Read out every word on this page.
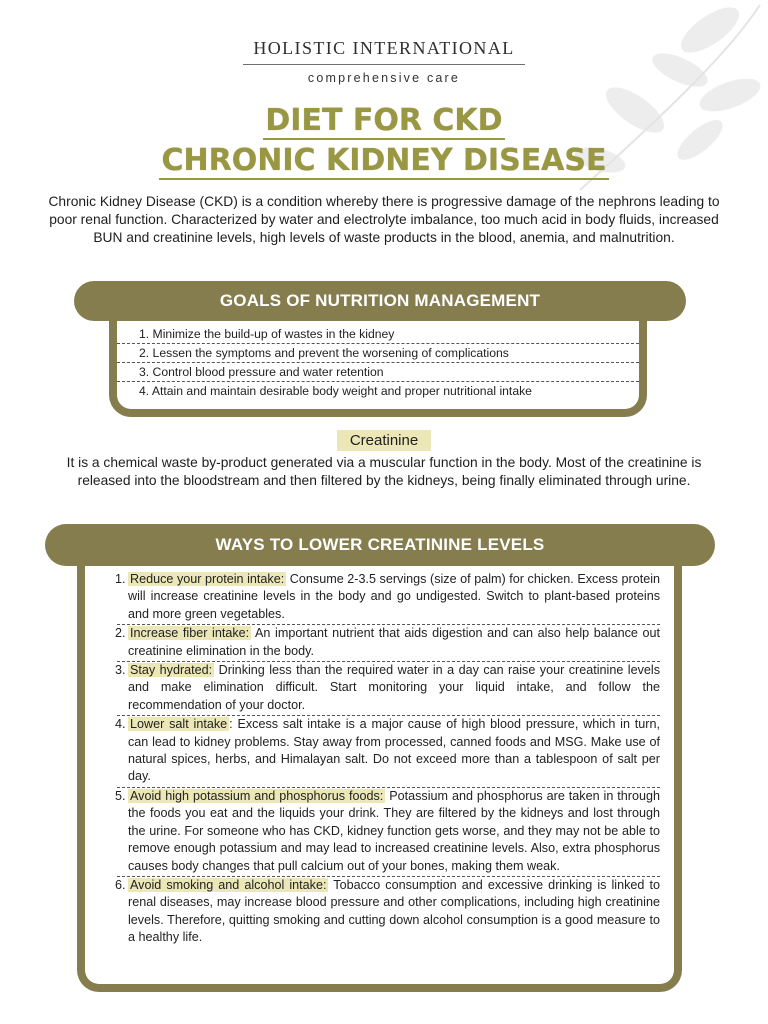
HOLISTIC INTERNATIONAL
comprehensive care
DIET FOR CKD
CHRONIC KIDNEY DISEASE
Chronic Kidney Disease (CKD) is a condition whereby there is progressive damage of the nephrons leading to poor renal function. Characterized by water and electrolyte imbalance, too much acid in body fluids, increased BUN and creatinine levels, high levels of waste products in the blood, anemia, and malnutrition.
GOALS OF NUTRITION MANAGEMENT
1. Minimize the build-up of wastes in the kidney
2. Lessen the symptoms and prevent the worsening of complications
3. Control blood pressure and water retention
4. Attain and maintain desirable body weight and proper nutritional intake
Creatinine
It is a chemical waste by-product generated via a muscular function in the body. Most of the creatinine is released into the bloodstream and then filtered by the kidneys, being finally eliminated through urine.
WAYS TO LOWER CREATININE LEVELS
1. Reduce your protein intake: Consume 2-3.5 servings (size of palm) for chicken. Excess protein will increase creatinine levels in the body and go undigested. Switch to plant-based proteins and more green vegetables.
2. Increase fiber intake: An important nutrient that aids digestion and can also help balance out creatinine elimination in the body.
3. Stay hydrated: Drinking less than the required water in a day can raise your creatinine levels and make elimination difficult. Start monitoring your liquid intake, and follow the recommendation of your doctor.
4. Lower salt intake : Excess salt intake is a major cause of high blood pressure, which in turn, can lead to kidney problems. Stay away from processed, canned foods and MSG. Make use of natural spices, herbs, and Himalayan salt. Do not exceed more than a tablespoon of salt per day.
5. Avoid high potassium and phosphorus foods: Potassium and phosphorus are taken in through the foods you eat and the liquids your drink. They are filtered by the kidneys and lost through the urine. For someone who has CKD, kidney function gets worse, and they may not be able to remove enough potassium and may lead to increased creatinine levels. Also, extra phosphorus causes body changes that pull calcium out of your bones, making them weak.
6. Avoid smoking and alcohol intake: Tobacco consumption and excessive drinking is linked to renal diseases, may increase blood pressure and other complications, including high creatinine levels. Therefore, quitting smoking and cutting down alcohol consumption is a good measure to a healthy life.
